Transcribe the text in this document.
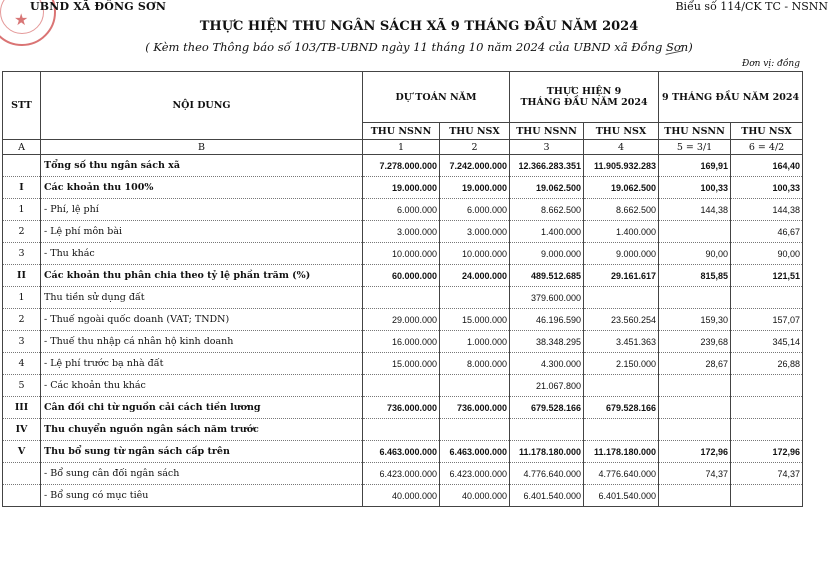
★
UBND XÃ ĐỒNG SƠN	Biểu số 114/CK TC - NSNN
THỰC HIỆN THU NGÂN SÁCH XÃ 9 THÁNG ĐẦU NĂM 2024
( Kèm theo Thông báo số 103/TB-UBND ngày 11 tháng 10 năm 2024 của UBND xã Đồng Sơn)
Đơn vị: đồng
STT	NỘI DUNG	DỰ TOÁN NĂM		THỰC HIỆN 9
THÁNG ĐẦU NĂM 2024		9 THÁNG ĐẦU NĂM 2024	
		THU NSNN	THU NSX	THU NSNN	THU NSX	THU NSNN	THU NSX
A	B	1	2	3	4	5 = 3/1	6 = 4/2
	Tổng số thu ngân sách xã	7.278.000.000	7.242.000.000	12.366.283.351	11.905.932.283	169,91	164,40
I	Các khoản thu 100%	19.000.000	19.000.000	19.062.500	19.062.500	100,33	100,33
1	- Phí, lệ phí	6.000.000	6.000.000	8.662.500	8.662.500	144,38	144,38
2	- Lệ phí môn bài	3.000.000	3.000.000	1.400.000	1.400.000		46,67
3	- Thu khác	10.000.000	10.000.000	9.000.000	9.000.000	90,00	90,00
II	Các khoản thu phân chia theo tỷ lệ phần trăm (%)	60.000.000	24.000.000	489.512.685	29.161.617	815,85	121,51
1	Thu tiền sử dụng đất			379.600.000			
2	- Thuế ngoài quốc doanh (VAT; TNDN)	29.000.000	15.000.000	46.196.590	23.560.254	159,30	157,07
3	- Thuế thu nhập cá nhân hộ kinh doanh	16.000.000	1.000.000	38.348.295	3.451.363	239,68	345,14
4	- Lệ phí trước bạ nhà đất	15.000.000	8.000.000	4.300.000	2.150.000	28,67	26,88
5	- Các khoản thu khác			21.067.800			
III	Cân đối chi từ nguồn cải cách tiền lương	736.000.000	736.000.000	679.528.166	679.528.166		
IV	Thu chuyển nguồn ngân sách năm trước						
V	Thu bổ sung từ ngân sách cấp trên	6.463.000.000	6.463.000.000	11.178.180.000	11.178.180.000	172,96	172,96
	- Bổ sung cân đối ngân sách	6.423.000.000	6.423.000.000	4.776.640.000	4.776.640.000	74,37	74,37
	- Bổ sung có mục tiêu	40.000.000	40.000.000	6.401.540.000	6.401.540.000		
